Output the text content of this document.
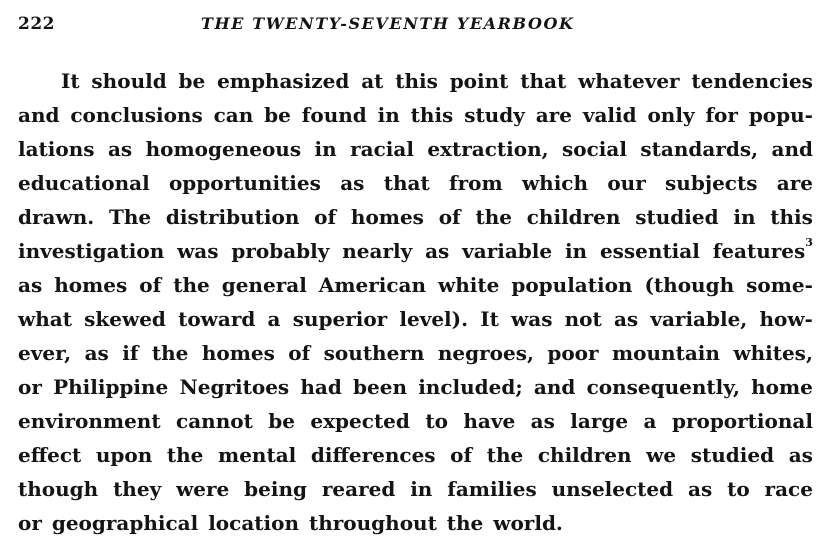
222	THE TWENTY-SEVENTH YEARBOOK
It should be emphasized at this point that whatever tendencies
and conclusions can be found in this study are valid only for popu-
lations as homogeneous in racial extraction, social standards, and
educational opportunities as that from which our subjects are
drawn. The distribution of homes of the children studied in this
investigation was probably nearly as variable in essential features$^3$
as homes of the general American white population (though some-
what skewed toward a superior level). It was not as variable, how-
ever, as if the homes of southern negroes, poor mountain whites,
or Philippine Negritoes had been included; and consequently, home
environment cannot be expected to have as large a proportional
effect upon the mental differences of the children we studied as
though they were being reared in families unselected as to race
or geographical location throughout the world.
